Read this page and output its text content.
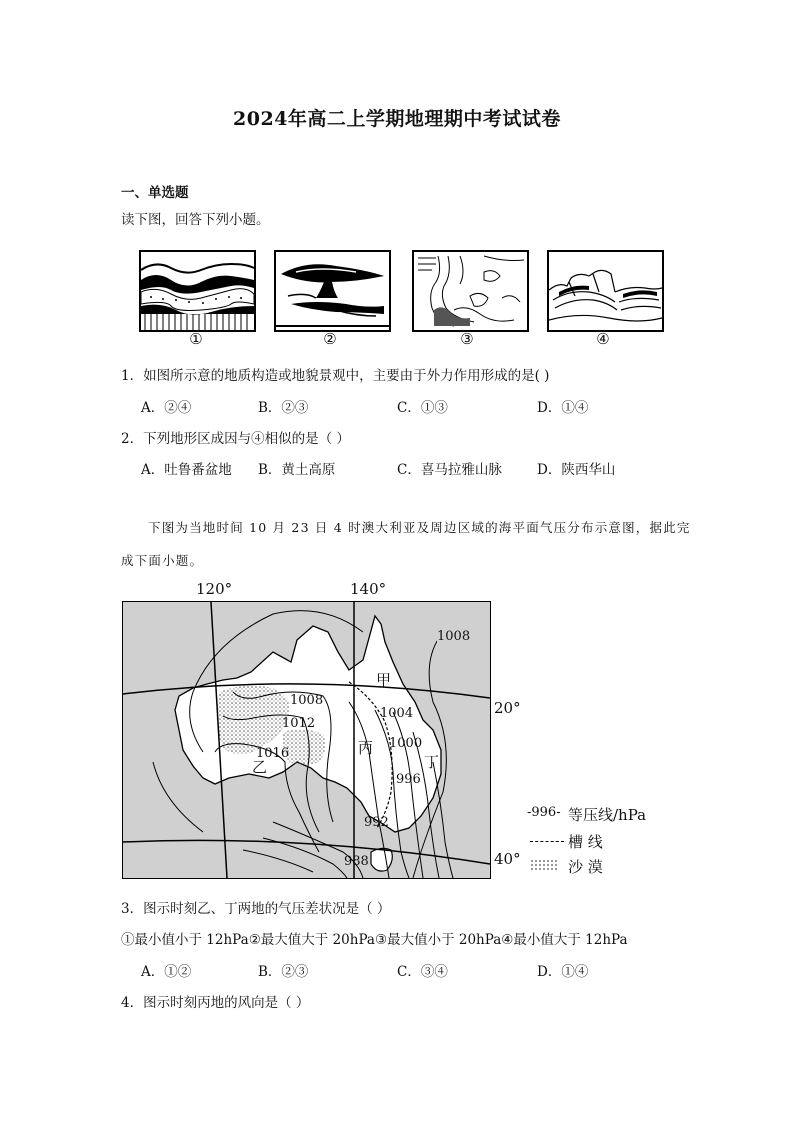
2024年高二上学期地理期中考试试卷
一、单选题
读下图，回答下列小题。
①	②	③	④
1．如图所示意的地质构造或地貌景观中，主要由于外力作用形成的是( )
A．②④	B．②③	C．①③	D．①④
2．下列地形区成因与④相似的是（ ）
A．吐鲁番盆地 B．黄土高原	C．喜马拉雅山脉	D．陕西华山
下图为当地时间 10 月 23 日 4 时澳大利亚及周边区域的海平面气压分布示意图，据此完
成下面小题。
120°	140°
1008
1008
1012
1016
1004
1000
996
992
988
甲
乙
丙
丁
20°
40°
-996- 等压线/hPa
槽 线
沙 漠
3．图示时刻乙、丁两地的气压差状况是（ ）
①最小值小于 12hPa②最大值大于 20hPa③最大值小于 20hPa④最小值大于 12hPa
A．①②	B．②③	C．③④	D．①④
4．图示时刻丙地的风向是（ ）
